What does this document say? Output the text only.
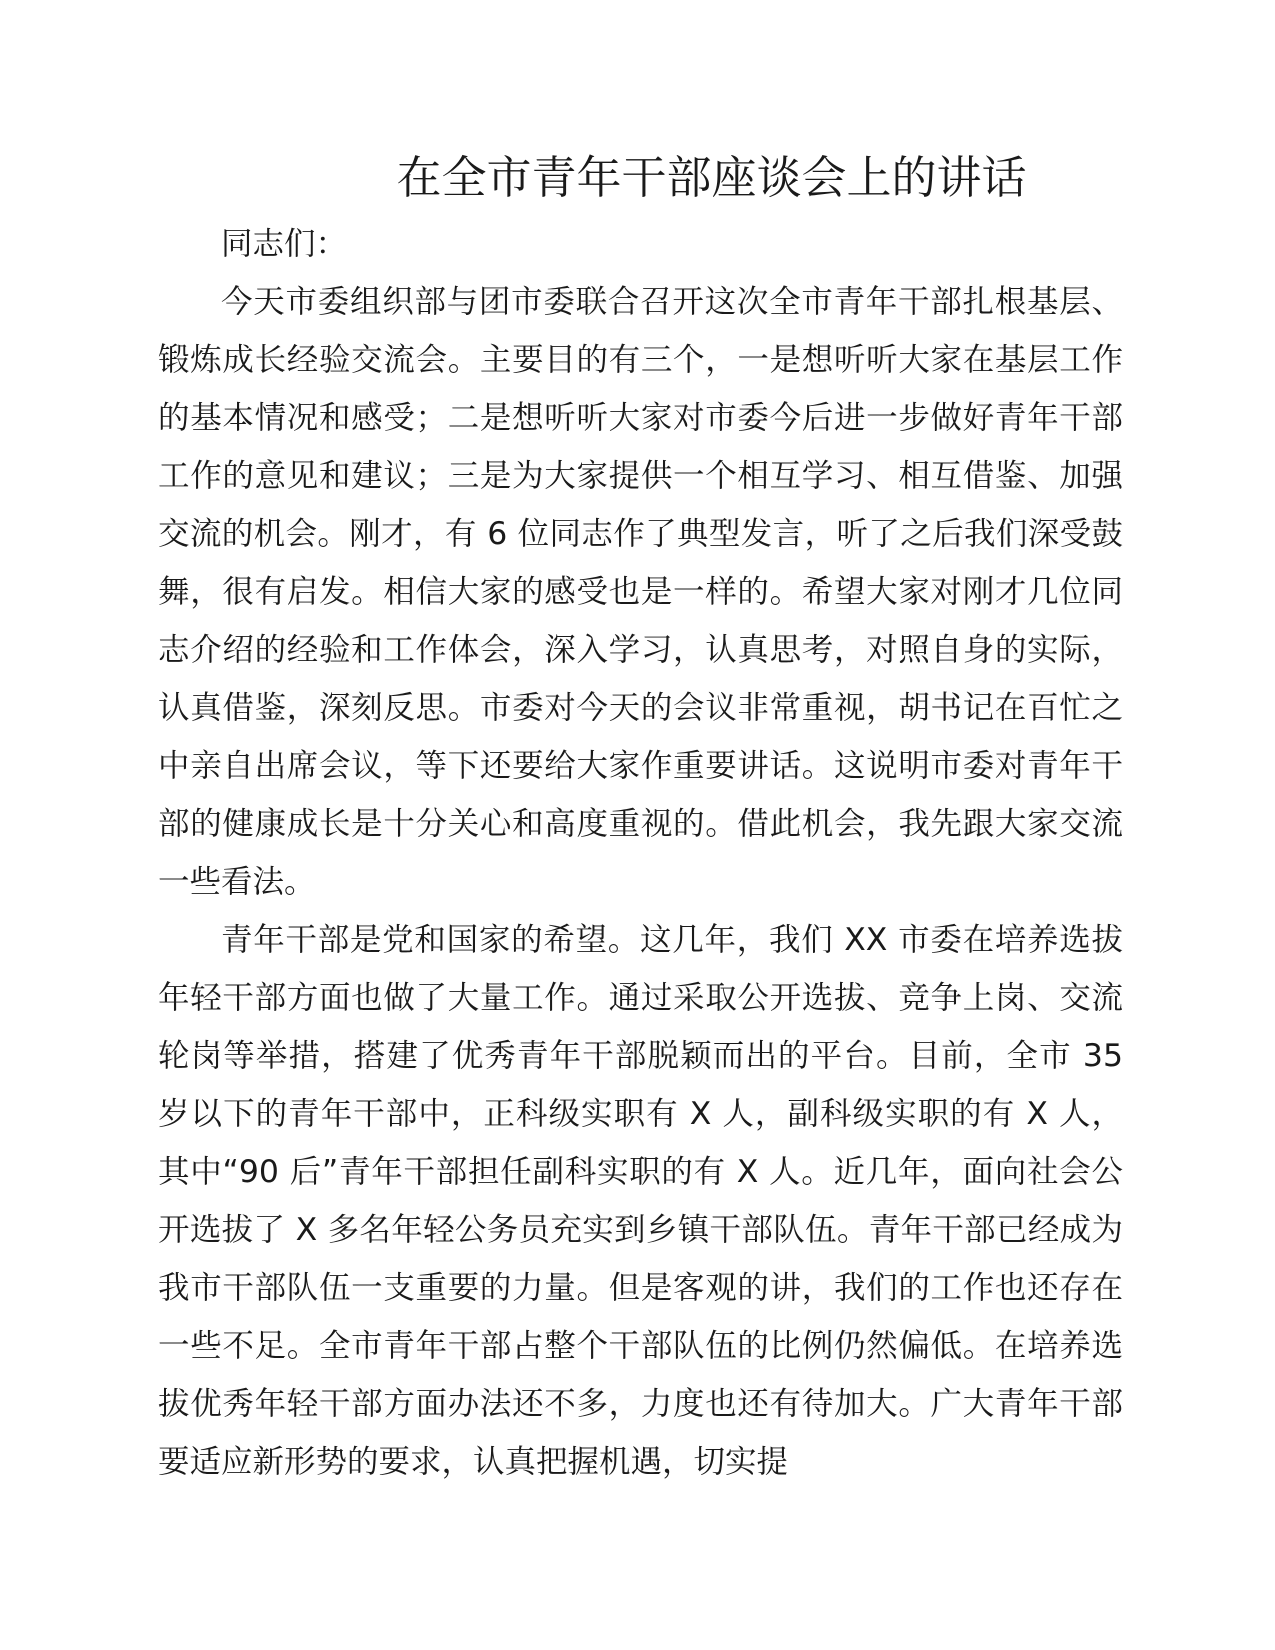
在全市青年干部座谈会上的讲话

同志们：

今天市委组织部与团市委联合召开这次全市青年干部扎根基层、锻炼成长经验交流会。主要目的有三个，一是想听听大家在基层工作的基本情况和感受；二是想听听大家对市委今后进一步做好青年干部工作的意见和建议；三是为大家提供一个相互学习、相互借鉴、加强交流的机会。刚才，有 6 位同志作了典型发言，听了之后我们深受鼓舞，很有启发。相信大家的感受也是一样的。希望大家对刚才几位同志介绍的经验和工作体会，深入学习，认真思考，对照自身的实际，认真借鉴，深刻反思。市委对今天的会议非常重视，胡书记在百忙之中亲自出席会议，等下还要给大家作重要讲话。这说明市委对青年干部的健康成长是十分关心和高度重视的。借此机会，我先跟大家交流一些看法。

青年干部是党和国家的希望。这几年，我们 XX 市委在培养选拔年轻干部方面也做了大量工作。通过采取公开选拔、竞争上岗、交流轮岗等举措，搭建了优秀青年干部脱颖而出的平台。目前，全市 35 岁以下的青年干部中，正科级实职有 X 人，副科级实职的有 X 人，其中“90 后”青年干部担任副科实职的有 X 人。近几年，面向社会公开选拔了 X 多名年轻公务员充实到乡镇干部队伍。青年干部已经成为我市干部队伍一支重要的力量。但是客观的讲，我们的工作也还存在一些不足。全市青年干部占整个干部队伍的比例仍然偏低。在培养选拔优秀年轻干部方面办法还不多，力度也还有待加大。广大青年干部要适应新形势的要求，认真把握机遇，切实提
